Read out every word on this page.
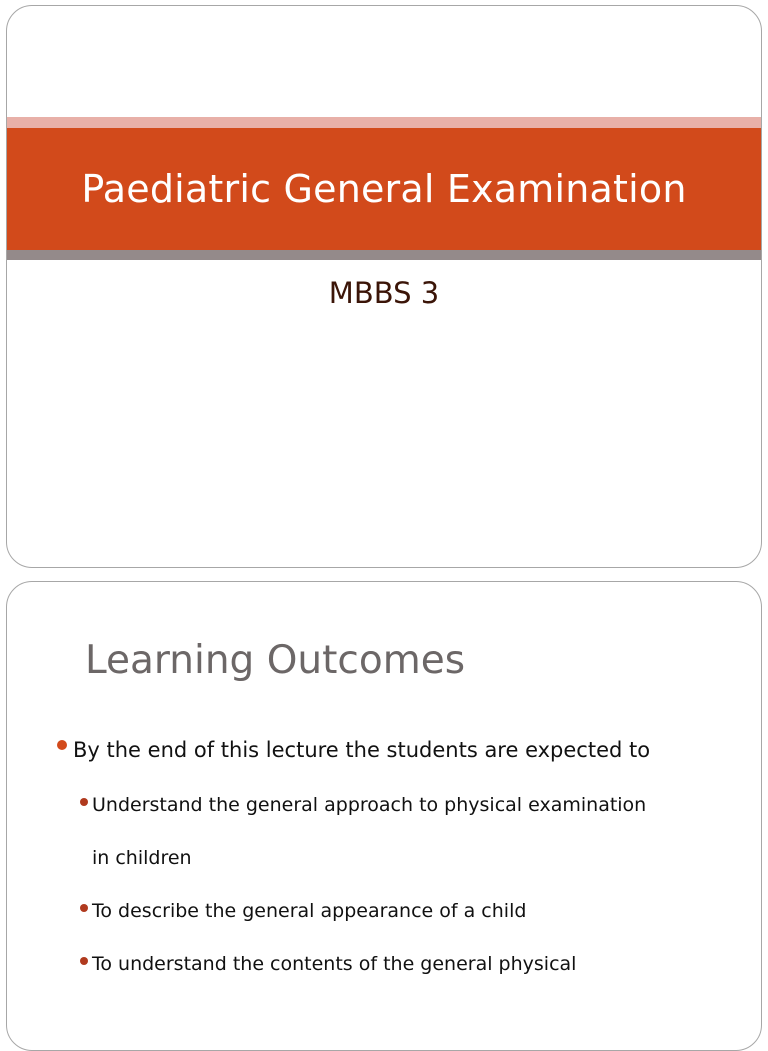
Paediatric General Examination

MBBS 3

Learning Outcomes
By the end of this lecture the students are expected to
Understand the general approach to physical examination in children
To describe the general appearance of a child
To understand the contents of the general physical
